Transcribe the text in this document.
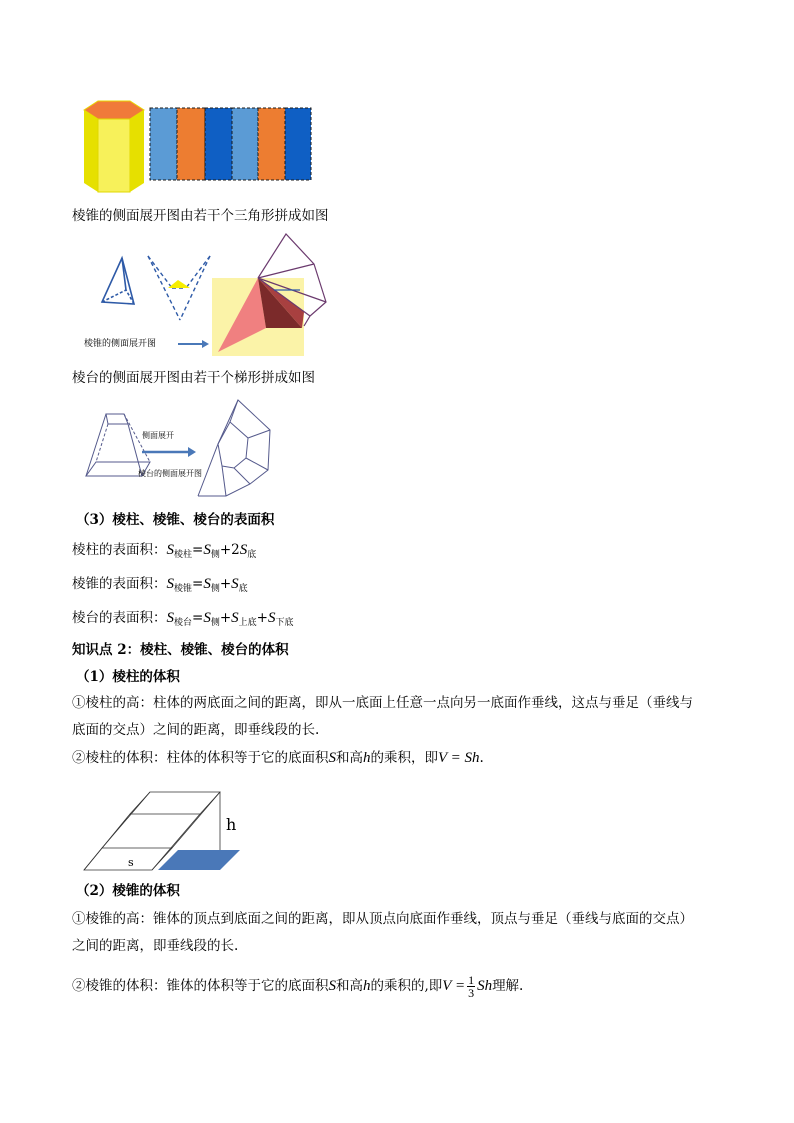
棱锥的侧面展开图由若干个三角形拼成如图
棱锥的侧面展开图
棱台的侧面展开图由若干个梯形拼成如图
侧面展开
棱台的侧面展开图
（3）棱柱、棱锥、棱台的表面积
棱柱的表面积：$S_{棱柱}=S_侧+2S_底$
棱锥的表面积：$S_{棱锥}=S_侧+S_底$
棱台的表面积：$S_{棱台}=S_侧+S_{上底}+S_{下底}$
知识点 2：棱柱、棱锥、棱台的体积
（1）棱柱的体积
①棱柱的高：柱体的两底面之间的距离，即从一底面上任意一点向另一底面作垂线，这点与垂足（垂线与
底面的交点）之间的距离，即垂线段的长.
②棱柱的体积：柱体的体积等于它的底面积S和高h的乘积，即V = Sh.
h
s
（2）棱锥的体积
①棱锥的高：锥体的顶点到底面之间的距离，即从顶点向底面作垂线，顶点与垂足（垂线与底面的交点）
之间的距离，即垂线段的长.
②棱锥的体积：锥体的体积等于它的底面积S和高h的乘积的,即$V = \frac{1}{3}$ Sh理解.
